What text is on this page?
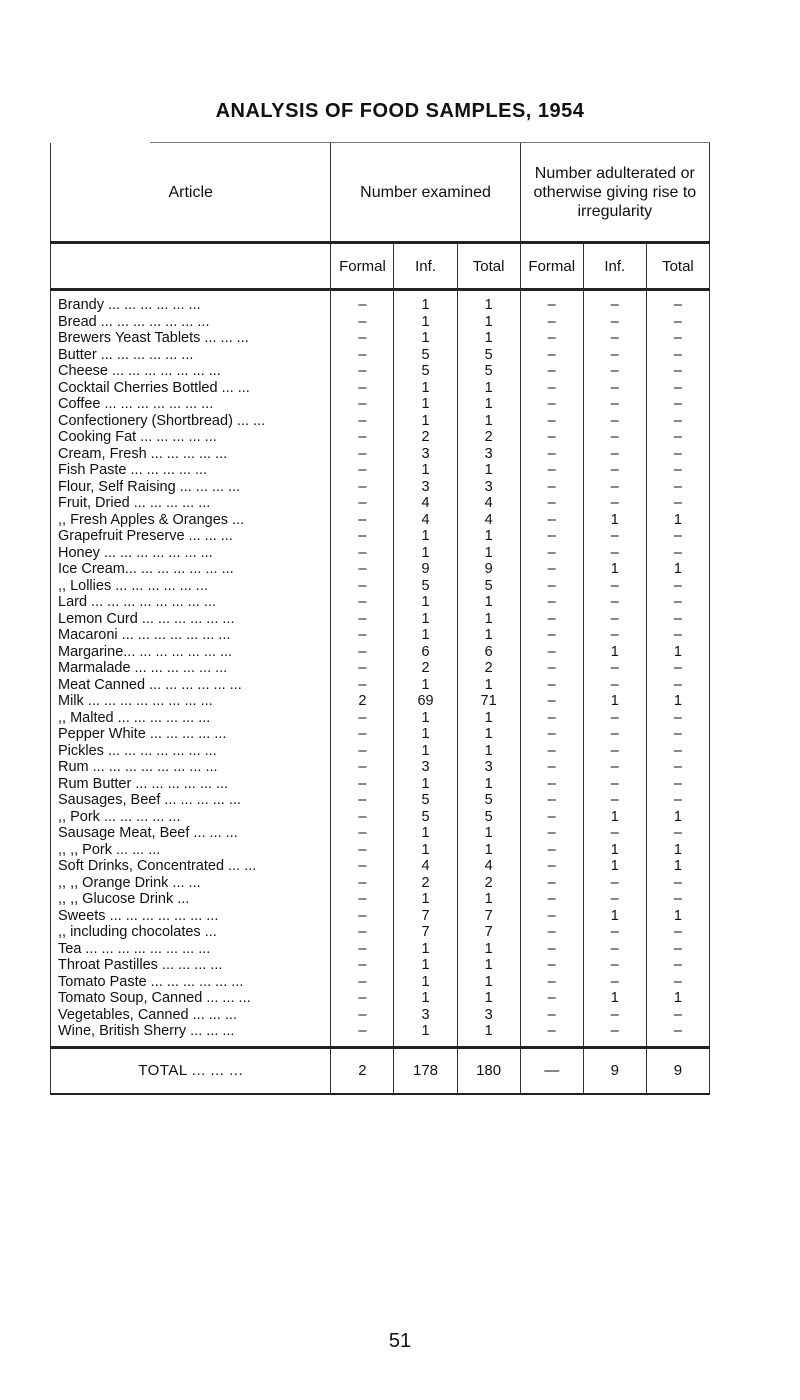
ANALYSIS OF FOOD SAMPLES, 1954
Article	Number examined			Number adulterated or otherwise giving rise to irregularity		
	Formal	Inf.	Total	Formal	Inf.	Total
Brandy ... ... ... ... ... ...	–	1	1	–	–	–
Bread ... ... ... ... ... ... ...	–	1	1	–	–	–
Brewers Yeast Tablets ... ... ...	–	1	1	–	–	–
Butter ... ... ... ... ... ...	–	5	5	–	–	–
Cheese ... ... ... ... ... ... ...	–	5	5	–	–	–
Cocktail Cherries Bottled ... ...	–	1	1	–	–	–
Coffee ... ... ... ... ... ... ...	–	1	1	–	–	–
Confectionery (Shortbread) ... ...	–	1	1	–	–	–
Cooking Fat ... ... ... ... ...	–	2	2	–	–	–
Cream, Fresh ... ... ... ... ...	–	3	3	–	–	–
Fish Paste ... ... ... ... ...	–	1	1	–	–	–
Flour, Self Raising ... ... ... ...	–	3	3	–	–	–
Fruit, Dried ... ... ... ... ...	–	4	4	–	–	–
,, Fresh Apples & Oranges ...	–	4	4	–	1	1
Grapefruit Preserve ... ... ...	–	1	1	–	–	–
Honey ... ... ... ... ... ... ...	–	1	1	–	–	–
Ice Cream... ... ... ... ... ... ...	–	9	9	–	1	1
,, Lollies ... ... ... ... ... ...	–	5	5	–	–	–
Lard ... ... ... ... ... ... ... ...	–	1	1	–	–	–
Lemon Curd ... ... ... ... ... ...	–	1	1	–	–	–
Macaroni ... ... ... ... ... ... ...	–	1	1	–	–	–
Margarine... ... ... ... ... ... ...	–	6	6	–	1	1
Marmalade ... ... ... ... ... ...	–	2	2	–	–	–
Meat Canned ... ... ... ... ... ...	–	1	1	–	–	–
Milk ... ... ... ... ... ... ... ...	2	69	71	–	1	1
,, Malted ... ... ... ... ... ...	–	1	1	–	–	–
Pepper White ... ... ... ... ...	–	1	1	–	–	–
Pickles ... ... ... ... ... ... ...	–	1	1	–	–	–
Rum ... ... ... ... ... ... ... ...	–	3	3	–	–	–
Rum Butter ... ... ... ... ... ...	–	1	1	–	–	–
Sausages, Beef ... ... ... ... ...	–	5	5	–	–	–
,, Pork ... ... ... ... ...	–	5	5	–	1	1
Sausage Meat, Beef ... ... ...	–	1	1	–	–	–
,, ,, Pork ... ... ...	–	1	1	–	1	1
Soft Drinks, Concentrated ... ...	–	4	4	–	1	1
,, ,, Orange Drink ... ...	–	2	2	–	–	–
,, ,, Glucose Drink ...	–	1	1	–	–	–
Sweets ... ... ... ... ... ... ...	–	7	7	–	1	1
,, including chocolates ...	–	7	7	–	–	–
Tea ... ... ... ... ... ... ... ...	–	1	1	–	–	–
Throat Pastilles ... ... ... ...	–	1	1	–	–	–
Tomato Paste ... ... ... ... ... ...	–	1	1	–	–	–
Tomato Soup, Canned ... ... ...	–	1	1	–	1	1
Vegetables, Canned ... ... ...	–	3	3	–	–	–
Wine, British Sherry ... ... ...	–	1	1	–	–	–
TOTAL ... ... ...	2	178	180	—	9	9
51
